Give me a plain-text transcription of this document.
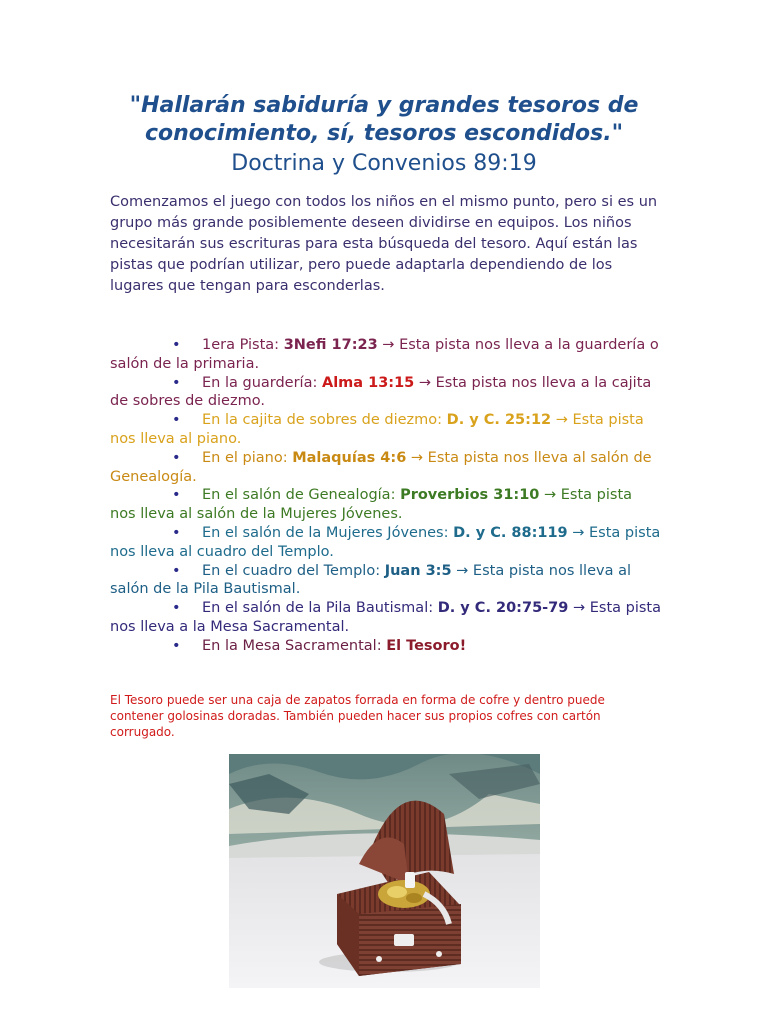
"Hallarán sabiduría y grandes tesoros de conocimiento, sí, tesoros escondidos."

Doctrina y Convenios 89:19

Comenzamos el juego con todos los niños en el mismo punto, pero si es un grupo más grande posiblemente deseen dividirse en equipos. Los niños necesitarán sus escrituras para esta búsqueda del tesoro. Aquí están las pistas que podrían utilizar, pero puede adaptarla dependiendo de los lugares que tengan para esconderlas.

• 1era Pista: 3Nefi 17:23 → Esta pista nos lleva a la guardería o salón de la primaria.
• En la guardería: Alma 13:15 → Esta pista nos lleva a la cajita de sobres de diezmo.
• En la cajita de sobres de diezmo: D. y C. 25:12 → Esta pista nos lleva al piano.
• En el piano: Malaquías 4:6 → Esta pista nos lleva al salón de Genealogía.
• En el salón de Genealogía: Proverbios 31:10 → Esta pista nos lleva al salón de la Mujeres Jóvenes.
• En el salón de la Mujeres Jóvenes: D. y C. 88:119 → Esta pista nos lleva al cuadro del Templo.
• En el cuadro del Templo: Juan 3:5 → Esta pista nos lleva al salón de la Pila Bautismal.
• En el salón de la Pila Bautismal: D. y C. 20:75-79 → Esta pista nos lleva a la Mesa Sacramental.
• En la Mesa Sacramental: El Tesoro!

El Tesoro puede ser una caja de zapatos forrada en forma de cofre y dentro puede contener golosinas doradas. También pueden hacer sus propios cofres con cartón corrugado.
